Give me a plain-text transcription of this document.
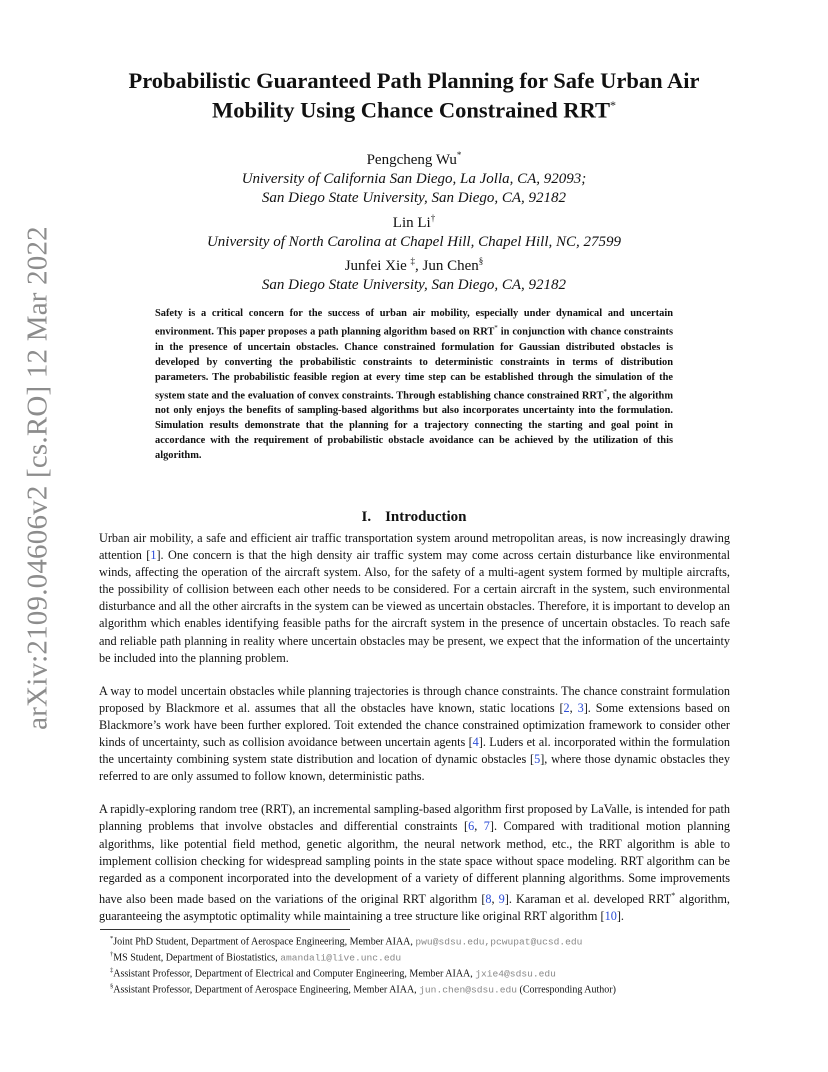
arXiv:2109.04606v2 [cs.RO] 12 Mar 2022
Probabilistic Guaranteed Path Planning for Safe Urban Air
Mobility Using Chance Constrained RRT*
Pengcheng Wu*
University of California San Diego, La Jolla, CA, 92093;
San Diego State University, San Diego, CA, 92182
Lin Li†
University of North Carolina at Chapel Hill, Chapel Hill, NC, 27599
Junfei Xie ‡, Jun Chen§
San Diego State University, San Diego, CA, 92182
Safety is a critical concern for the success of urban air mobility, especially under dynamical and uncertain environment. This paper proposes a path planning algorithm based on RRT* in conjunction with chance constraints in the presence of uncertain obstacles. Chance constrained formulation for Gaussian distributed obstacles is developed by converting the probabilistic constraints to deterministic constraints in terms of distribution parameters. The probabilistic feasible region at every time step can be established through the simulation of the system state and the evaluation of convex constraints. Through establishing chance constrained RRT*, the algorithm not only enjoys the benefits of sampling-based algorithms but also incorporates uncertainty into the formulation. Simulation results demonstrate that the planning for a trajectory connecting the starting and goal point in accordance with the requirement of probabilistic obstacle avoidance can be achieved by the utilization of this algorithm.
I. Introduction

Urban air mobility, a safe and efficient air traffic transportation system around metropolitan areas, is now increasingly drawing attention [1]. One concern is that the high density air traffic system may come across certain disturbance like environmental winds, affecting the operation of the aircraft system. Also, for the safety of a multi-agent system formed by multiple aircrafts, the possibility of collision between each other needs to be considered. For a certain aircraft in the system, such environmental disturbance and all the other aircrafts in the system can be viewed as uncertain obstacles. Therefore, it is important to develop an algorithm which enables identifying feasible paths for the aircraft system in the presence of uncertain obstacles. To reach safe and reliable path planning in reality where uncertain obstacles may be present, we expect that the information of the uncertainty be included into the planning problem.

A way to model uncertain obstacles while planning trajectories is through chance constraints. The chance constraint formulation proposed by Blackmore et al. assumes that all the obstacles have known, static locations [2, 3]. Some extensions based on Blackmore’s work have been further explored. Toit extended the chance constrained optimization framework to consider other kinds of uncertainty, such as collision avoidance between uncertain agents [4]. Luders et al. incorporated within the formulation the uncertainty combining system state distribution and location of dynamic obstacles [5], where those dynamic obstacles they referred to are only assumed to follow known, deterministic paths.

A rapidly-exploring random tree (RRT), an incremental sampling-based algorithm first proposed by LaValle, is intended for path planning problems that involve obstacles and differential constraints [6, 7]. Compared with traditional motion planning algorithms, like potential field method, genetic algorithm, the neural network method, etc., the RRT algorithm is able to implement collision checking for widespread sampling points in the state space without space modeling. RRT algorithm can be regarded as a component incorporated into the development of a variety of different planning algorithms. Some improvements have also been made based on the variations of the original RRT algorithm [8, 9]. Karaman et al. developed RRT* algorithm, guaranteeing the asymptotic optimality while maintaining a tree structure like original RRT algorithm [10].

*Joint PhD Student, Department of Aerospace Engineering, Member AIAA, pwu@sdsu.edu,pcwupat@ucsd.edu
†MS Student, Department of Biostatistics, amandali@live.unc.edu
‡Assistant Professor, Department of Electrical and Computer Engineering, Member AIAA, jxie4@sdsu.edu
§Assistant Professor, Department of Aerospace Engineering, Member AIAA, jun.chen@sdsu.edu (Corresponding Author)
